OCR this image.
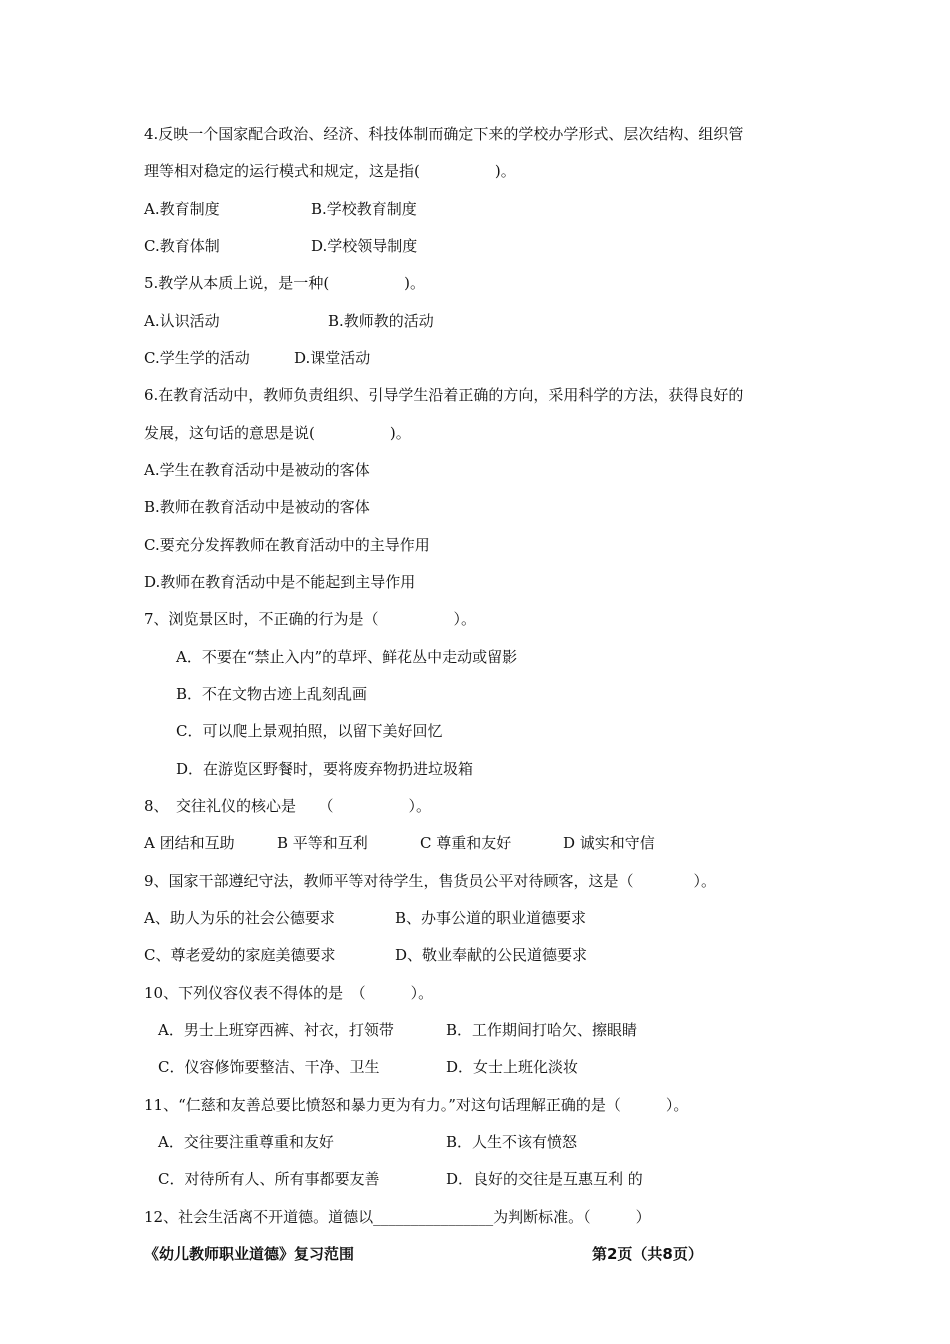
4.反映一个国家配合政治、经济、科技体制而确定下来的学校办学形式、层次结构、组织管
理等相对稳定的运行模式和规定，这是指(　　　　　)。
A.教育制度	B.学校教育制度
C.教育体制	D.学校领导制度
5.教学从本质上说，是一种(　　　　　)。
A.认识活动	B.教师教的活动
C.学生学的活动	D.课堂活动
6.在教育活动中，教师负责组织、引导学生沿着正确的方向，采用科学的方法，获得良好的
发展，这句话的意思是说(　　　　　)。
A.学生在教育活动中是被动的客体
B.教师在教育活动中是被动的客体
C.要充分发挥教师在教育活动中的主导作用
D.教师在教育活动中是不能起到主导作用
7、浏览景区时，不正确的行为是（　　　　　）。
A．不要在“禁止入内”的草坪、鲜花丛中走动或留影
B．不在文物古迹上乱刻乱画
C．可以爬上景观拍照，以留下美好回忆
D．在游览区野餐时，要将废弃物扔进垃圾箱
8、　交往礼仪的核心是　　（　　　　　）。
A 团结和互助	B 平等和互利	C 尊重和友好	D 诚实和守信
9、国家干部遵纪守法，教师平等对待学生，售货员公平对待顾客，这是（　　　　）。
A、助人为乐的社会公德要求	B、办事公道的职业道德要求
C、尊老爱幼的家庭美德要求	D、敬业奉献的公民道德要求
10、下列仪容仪表不得体的是　（　　　）。
A．男士上班穿西裤、衬衣，打领带	B．工作期间打哈欠、擦眼睛
C．仪容修饰要整洁、干净、卫生	D．女士上班化淡妆
11、“仁慈和友善总要比愤怒和暴力更为有力。”对这句话理解正确的是（　　　）。
A．交往要注重尊重和友好	B．人生不该有愤怒
C．对待所有人、所有事都要友善	D．良好的交往是互惠互利 的
12、社会生活离不开道德。道德以________________为判断标准。（　　　）
《幼儿教师职业道德》复习范围	第2页（共8页）
